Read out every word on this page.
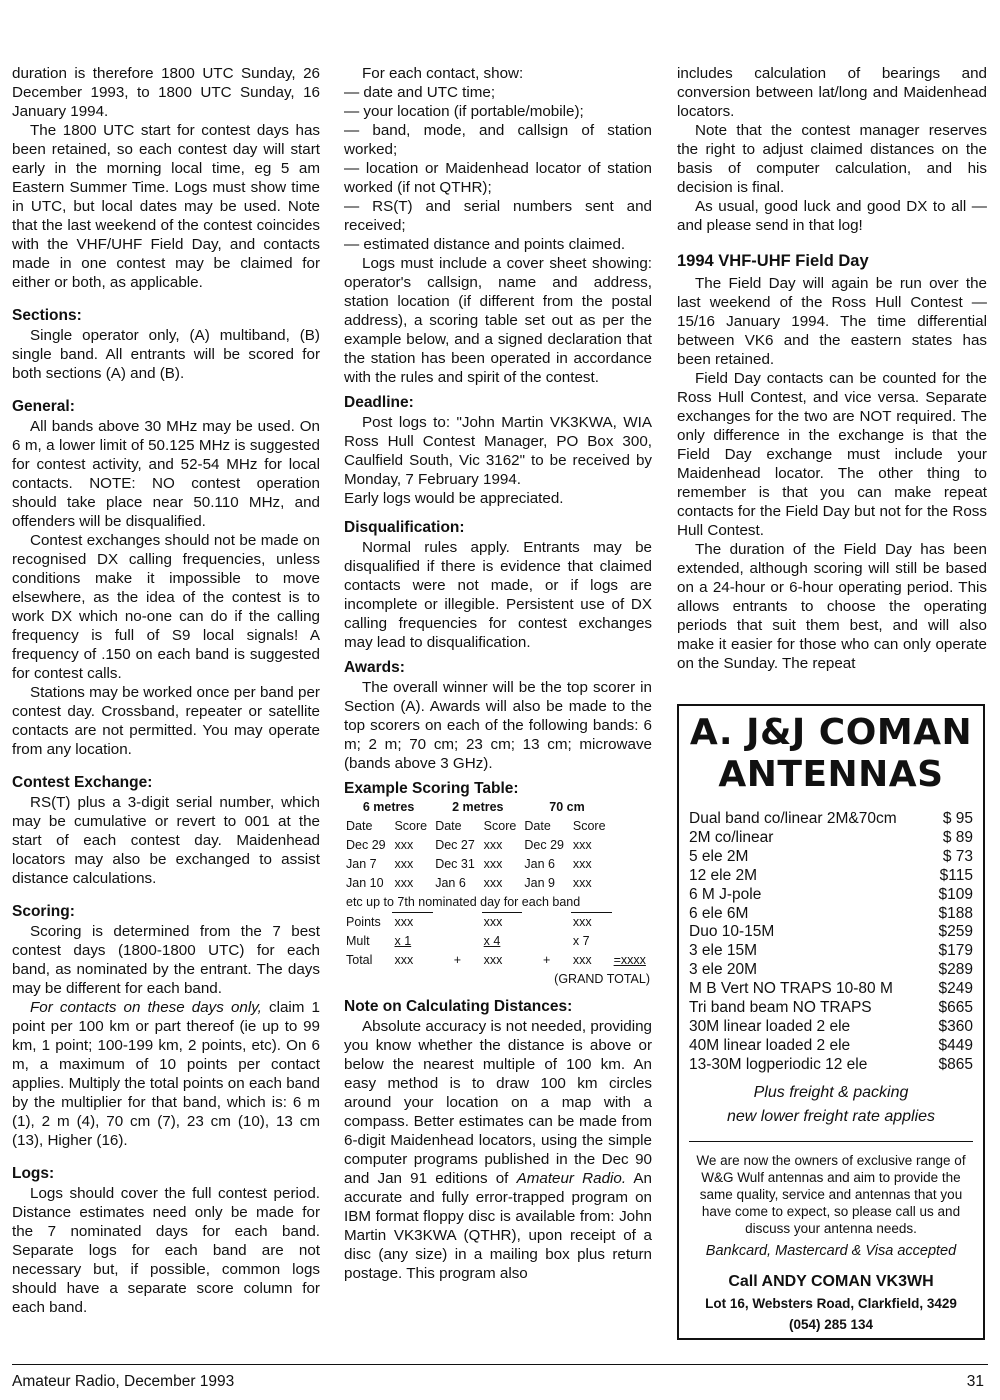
duration is therefore 1800 UTC Sunday, 26 December 1993, to 1800 UTC Sunday, 16 January 1994.

The 1800 UTC start for contest days has been retained, so each contest day will start early in the morning local time, eg 5 am Eastern Summer Time. Logs must show time in UTC, but local dates may be used. Note that the last weekend of the contest coincides with the VHF/UHF Field Day, and contacts made in one contest may be claimed for either or both, as applicable.

Sections:

Single operator only, (A) multiband, (B) single band. All entrants will be scored for both sections (A) and (B).

General:

All bands above 30 MHz may be used. On 6 m, a lower limit of 50.125 MHz is suggested for contest activity, and 52-54 MHz for local contacts. NOTE: NO contest operation should take place near 50.110 MHz, and offenders will be disqualified.

Contest exchanges should not be made on recognised DX calling frequencies, unless conditions make it impossible to move elsewhere, as the idea of the contest is to work DX which no-one can do if the calling frequency is full of S9 local signals! A frequency of .150 on each band is suggested for contest calls.

Stations may be worked once per band per contest day. Crossband, repeater or satellite contacts are not permitted. You may operate from any location.

Contest Exchange:

RS(T) plus a 3-digit serial number, which may be cumulative or revert to 001 at the start of each contest day. Maidenhead locators may also be exchanged to assist distance calculations.

Scoring:

Scoring is determined from the 7 best contest days (1800-1800 UTC) for each band, as nominated by the entrant. The days may be different for each band.

For contacts on these days only, claim 1 point per 100 km or part thereof (ie up to 99 km, 1 point; 100-199 km, 2 points, etc). On 6 m, a maximum of 10 points per contact applies. Multiply the total points on each band by the multiplier for that band, which is: 6 m (1), 2 m (4), 70 cm (7), 23 cm (10), 13 cm (13), Higher (16).

Logs:

Logs should cover the full contest period. Distance estimates need only be made for the 7 nominated days for each band. Separate logs for each band are not necessary but, if possible, common logs should have a separate score column for each band.

For each contact, show:

— date and UTC time;

— your location (if portable/mobile);

— band, mode, and callsign of station worked;

— location or Maidenhead locator of station worked (if not QTHR);

— RS(T) and serial numbers sent and received;

— estimated distance and points claimed.

Logs must include a cover sheet showing: operator's callsign, name and address, station location (if different from the postal address), a scoring table set out as per the example below, and a signed declaration that the station has been operated in accordance with the rules and spirit of the contest.

Deadline:

Post logs to: "John Martin VK3KWA, WIA Ross Hull Contest Manager, PO Box 300, Caulfield South, Vic 3162" to be received by Monday, 7 February 1994.

Early logs would be appreciated.

Disqualification:

Normal rules apply. Entrants may be disqualified if there is evidence that claimed contacts were not made, or if logs are incomplete or illegible. Persistent use of DX calling frequencies for contest exchanges may lead to disqualification.

Awards:

The overall winner will be the top scorer in Section (A). Awards will also be made to the top scorers on each of the following bands: 6 m; 2 m; 70 cm; 23 cm; 13 cm; microwave (bands above 3 GHz).

Example Scoring Table:
6 metres		2 metres		70 cm		
Date	Score	Date	Score	Date	Score	
Dec 29	xxx	Dec 27	xxx	Dec 29	xxx	
Jan 7	xxx	Dec 31	xxx	Jan 6	xxx	
Jan 10	xxx	Jan 6	xxx	Jan 9	xxx	
etc up to 7th nominated day for each band						
Points	xxx		xxx		xxx	
Mult	x 1		x 4		x 7	
Total	xxx	+	xxx	+	xxx	=xxxx
(GRAND TOTAL)						
Note on Calculating Distances:

Absolute accuracy is not needed, providing you know whether the distance is above or below the nearest multiple of 100 km. An easy method is to draw 100 km circles around your location on a map with a compass. Better estimates can be made from 6-digit Maidenhead locators, using the simple computer programs published in the Dec 90 and Jan 91 editions of Amateur Radio. An accurate and fully error-trapped program on IBM format floppy disc is available from: John Martin VK3KWA (QTHR), upon receipt of a disc (any size) in a mailing box plus return postage. This program also

includes calculation of bearings and conversion between lat/long and Maidenhead locators.

Note that the contest manager reserves the right to adjust claimed distances on the basis of computer calculation, and his decision is final.

As usual, good luck and good DX to all — and please send in that log!

1994 VHF-UHF Field Day

The Field Day will again be run over the last weekend of the Ross Hull Contest — 15/16 January 1994. The time differential between VK6 and the eastern states has been retained.

Field Day contacts can be counted for the Ross Hull Contest, and vice versa. Separate exchanges for the two are NOT required. The only difference in the exchange is that the Field Day exchange must include your Maidenhead locator. The other thing to remember is that you can make repeat contacts for the Field Day but not for the Ross Hull Contest.

The duration of the Field Day has been extended, although scoring will still be based on a 24-hour or 6-hour operating period. This allows entrants to choose the operating periods that suit them best, and will also make it easier for those who can only operate on the Sunday. The repeat

A. J&J COMAN
ANTENNAS
Dual band co/linear 2M&70cm	$ 95
2M co/linear	$ 89
5 ele 2M	$ 73
12 ele 2M	$115
6 M J-pole	$109
6 ele 6M	$188
Duo 10-15M	$259
3 ele 15M	$179
3 ele 20M	$289
M B Vert NO TRAPS 10-80 M	$249
Tri band beam NO TRAPS	$665
30M linear loaded 2 ele	$360
40M linear loaded 2 ele	$449
13-30M logperiodic 12 ele	$865
Plus freight & packing
new lower freight rate applies
We are now the owners of exclusive range of W&G Wulf antennas and aim to provide the same quality, service and antennas that you have come to expect, so please call us and discuss your antenna needs.
Bankcard, Mastercard & Visa accepted
Call ANDY COMAN VK3WH
Lot 16, Websters Road, Clarkfield, 3429
(054) 285 134
Amateur Radio, December 1993	31
